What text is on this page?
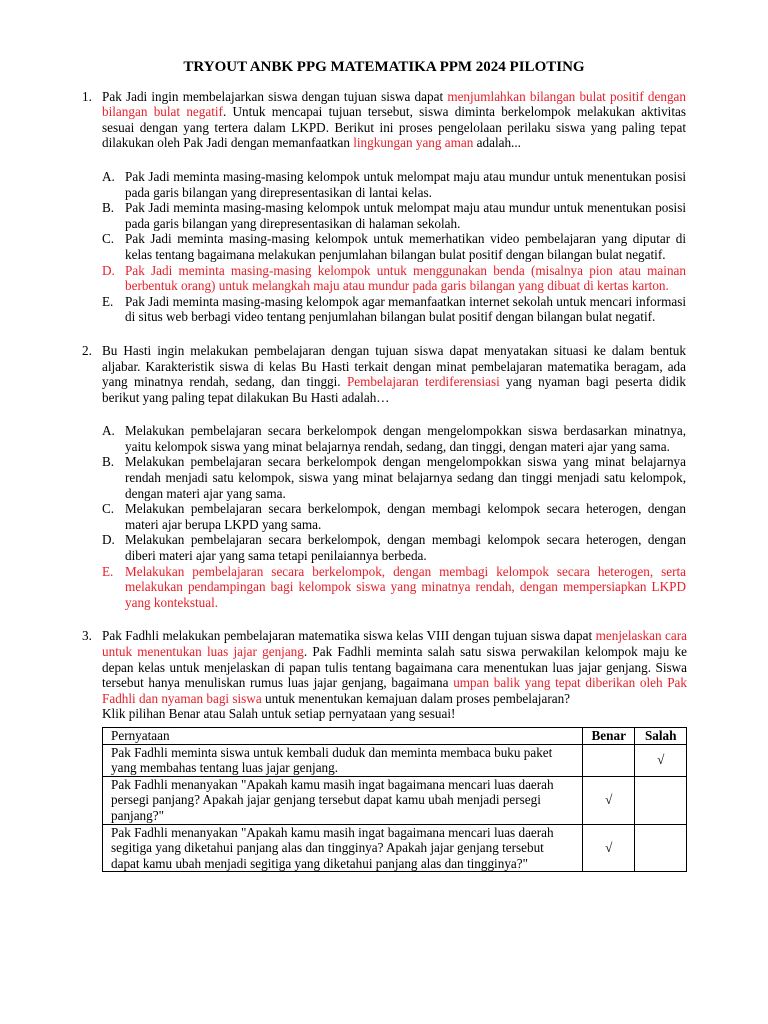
TRYOUT ANBK PPG MATEMATIKA PPM 2024 PILOTING
1. Pak Jadi ingin membelajarkan siswa dengan tujuan siswa dapat menjumlahkan bilangan bulat positif dengan bilangan bulat negatif. Untuk mencapai tujuan tersebut, siswa diminta berkelompok melakukan aktivitas sesuai dengan yang tertera dalam LKPD. Berikut ini proses pengelolaan perilaku siswa yang paling tepat dilakukan oleh Pak Jadi dengan memanfaatkan lingkungan yang aman adalah...

A. Pak Jadi meminta masing-masing kelompok untuk melompat maju atau mundur untuk menentukan posisi pada garis bilangan yang direpresentasikan di lantai kelas.
B. Pak Jadi meminta masing-masing kelompok untuk melompat maju atau mundur untuk menentukan posisi pada garis bilangan yang direpresentasikan di halaman sekolah.
C. Pak Jadi meminta masing-masing kelompok untuk memerhatikan video pembelajaran yang diputar di kelas tentang bagaimana melakukan penjumlahan bilangan bulat positif dengan bilangan bulat negatif.
D. Pak Jadi meminta masing-masing kelompok untuk menggunakan benda (misalnya pion atau mainan berbentuk orang) untuk melangkah maju atau mundur pada garis bilangan yang dibuat di kertas karton.
E. Pak Jadi meminta masing-masing kelompok agar memanfaatkan internet sekolah untuk mencari informasi di situs web berbagi video tentang penjumlahan bilangan bulat positif dengan bilangan bulat negatif.
2. Bu Hasti ingin melakukan pembelajaran dengan tujuan siswa dapat menyatakan situasi ke dalam bentuk aljabar. Karakteristik siswa di kelas Bu Hasti terkait dengan minat pembelajaran matematika beragam, ada yang minatnya rendah, sedang, dan tinggi. Pembelajaran terdiferensiasi yang nyaman bagi peserta didik berikut yang paling tepat dilakukan Bu Hasti adalah…

A. Melakukan pembelajaran secara berkelompok dengan mengelompokkan siswa berdasarkan minatnya, yaitu kelompok siswa yang minat belajarnya rendah, sedang, dan tinggi, dengan materi ajar yang sama.
B. Melakukan pembelajaran secara berkelompok dengan mengelompokkan siswa yang minat belajarnya rendah menjadi satu kelompok, siswa yang minat belajarnya sedang dan tinggi menjadi satu kelompok, dengan materi ajar yang sama.
C. Melakukan pembelajaran secara berkelompok, dengan membagi kelompok secara heterogen, dengan materi ajar berupa LKPD yang sama.
D. Melakukan pembelajaran secara berkelompok, dengan membagi kelompok secara heterogen, dengan diberi materi ajar yang sama tetapi penilaiannya berbeda.
E. Melakukan pembelajaran secara berkelompok, dengan membagi kelompok secara heterogen, serta melakukan pendampingan bagi kelompok siswa yang minatnya rendah, dengan mempersiapkan LKPD yang kontekstual.
3. Pak Fadhli melakukan pembelajaran matematika siswa kelas VIII dengan tujuan siswa dapat menjelaskan cara untuk menentukan luas jajar genjang. Pak Fadhli meminta salah satu siswa perwakilan kelompok maju ke depan kelas untuk menjelaskan di papan tulis tentang bagaimana cara menentukan luas jajar genjang. Siswa tersebut hanya menuliskan rumus luas jajar genjang, bagaimana umpan balik yang tepat diberikan oleh Pak Fadhli dan nyaman bagi siswa untuk menentukan kemajuan dalam proses pembelajaran?

Klik pilihan Benar atau Salah untuk setiap pernyataan yang sesuai!

Pernyataan	Benar	Salah
Pak Fadhli meminta siswa untuk kembali duduk dan meminta membaca buku paket yang membahas tentang luas jajar genjang.		√
Pak Fadhli menanyakan "Apakah kamu masih ingat bagaimana mencari luas daerah persegi panjang? Apakah jajar genjang tersebut dapat kamu ubah menjadi persegi panjang?"	√	
Pak Fadhli menanyakan "Apakah kamu masih ingat bagaimana mencari luas daerah segitiga yang diketahui panjang alas dan tingginya? Apakah jajar genjang tersebut dapat kamu ubah menjadi segitiga yang diketahui panjang alas dan tingginya?"	√	
